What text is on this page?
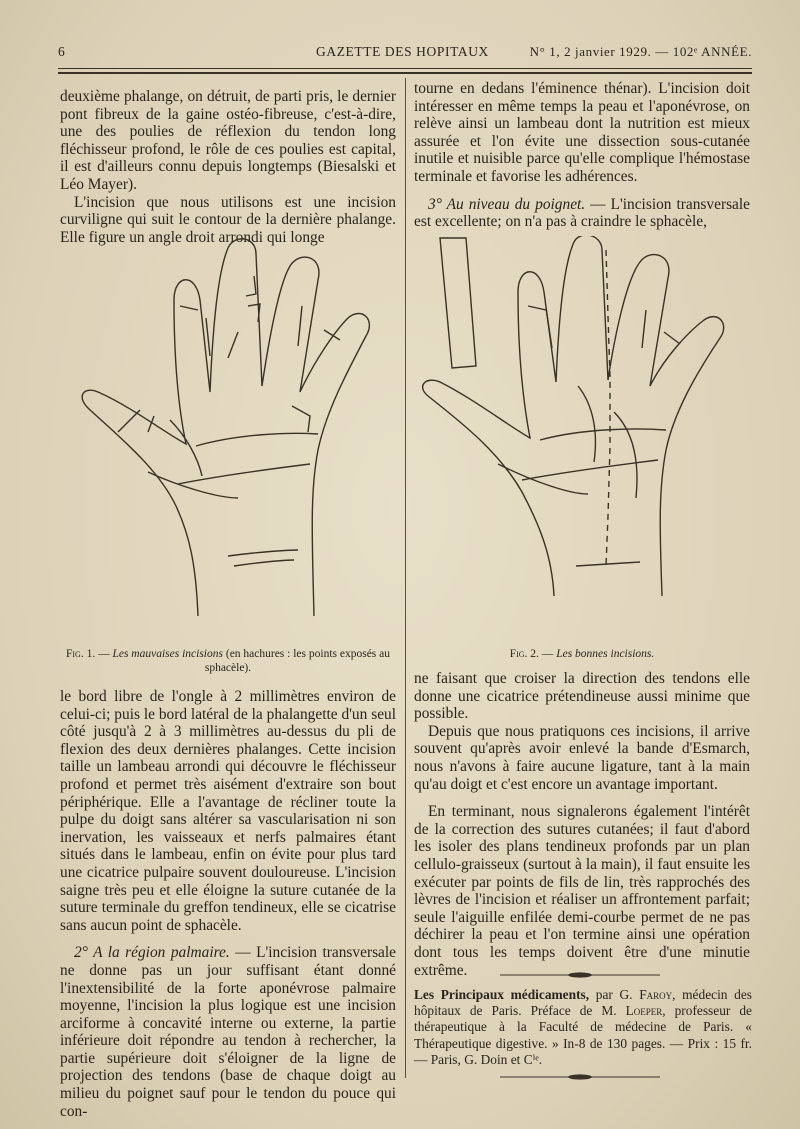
6	GAZETTE DES HOPITAUX	N° 1, 2 janvier 1929. — 102ᵉ ANNÉE.

deuxième phalange, on détruit, de parti pris, le dernier pont fibreux de la gaine ostéo-fibreuse, c'est-à-dire, une des poulies de réflexion du tendon long fléchisseur profond, le rôle de ces poulies est capital, il est d'ailleurs connu depuis longtemps (Biesalski et Léo Mayer).

L'incision que nous utilisons est une incision curviligne qui suit le contour de la dernière phalange. Elle figure un angle droit arrondi qui longe

tourne en dedans l'éminence thénar). L'incision doit intéresser en même temps la peau et l'aponévrose, on relève ainsi un lambeau dont la nutrition est mieux assurée et l'on évite une dissection sous-cutanée inutile et nuisible parce qu'elle complique l'hémostase terminale et favorise les adhérences.

3° Au niveau du poignet. — L'incision transversale est excellente; on n'a pas à craindre le sphacèle,

Fig. 1. — Les mauvaises incisions (en hachures : les points exposés au sphacèle).
Fig. 2. — Les bonnes incisions.

le bord libre de l'ongle à 2 millimètres environ de celui-ci; puis le bord latéral de la phalangette d'un seul côté jusqu'à 2 à 3 millimètres au-dessus du pli de flexion des deux dernières phalanges. Cette incision taille un lambeau arrondi qui découvre le fléchisseur profond et permet très aisément d'extraire son bout périphérique. Elle a l'avantage de récliner toute la pulpe du doigt sans altérer sa vascularisation ni son inervation, les vaisseaux et nerfs palmaires étant situés dans le lambeau, enfin on évite pour plus tard une cicatrice pulpaire souvent douloureuse. L'incision saigne très peu et elle éloigne la suture cutanée de la suture terminale du greffon tendineux, elle se cicatrise sans aucun point de sphacèle.

2° A la région palmaire. — L'incision transversale ne donne pas un jour suffisant étant donné l'inextensibilité de la forte aponévrose palmaire moyenne, l'incision la plus logique est une incision arciforme à concavité interne ou externe, la partie inférieure doit répondre au tendon à rechercher, la partie supérieure doit s'éloigner de la ligne de projection des tendons (base de chaque doigt au milieu du poignet sauf pour le tendon du pouce qui con-

ne faisant que croiser la direction des tendons elle donne une cicatrice prétendineuse aussi minime que possible.

Depuis que nous pratiquons ces incisions, il arrive souvent qu'après avoir enlevé la bande d'Esmarch, nous n'avons à faire aucune ligature, tant à la main qu'au doigt et c'est encore un avantage important.

En terminant, nous signalerons également l'intérêt de la correction des sutures cutanées; il faut d'abord les isoler des plans tendineux profonds par un plan cellulo-graisseux (surtout à la main), il faut ensuite les exécuter par points de fils de lin, très rapprochés des lèvres de l'incision et réaliser un affrontement parfait; seule l'aiguille enfilée demi-courbe permet de ne pas déchirer la peau et l'on termine ainsi une opération dont tous les temps doivent être d'une minutie extrême.

Les Principaux médicaments, par G. Faroy, médecin des hôpitaux de Paris. Préface de M. Loeper, professeur de thérapeutique à la Faculté de médecine de Paris. « Thérapeutique digestive. » In-8 de 130 pages. — Prix : 15 fr. — Paris, G. Doin et Cⁱᵉ.
